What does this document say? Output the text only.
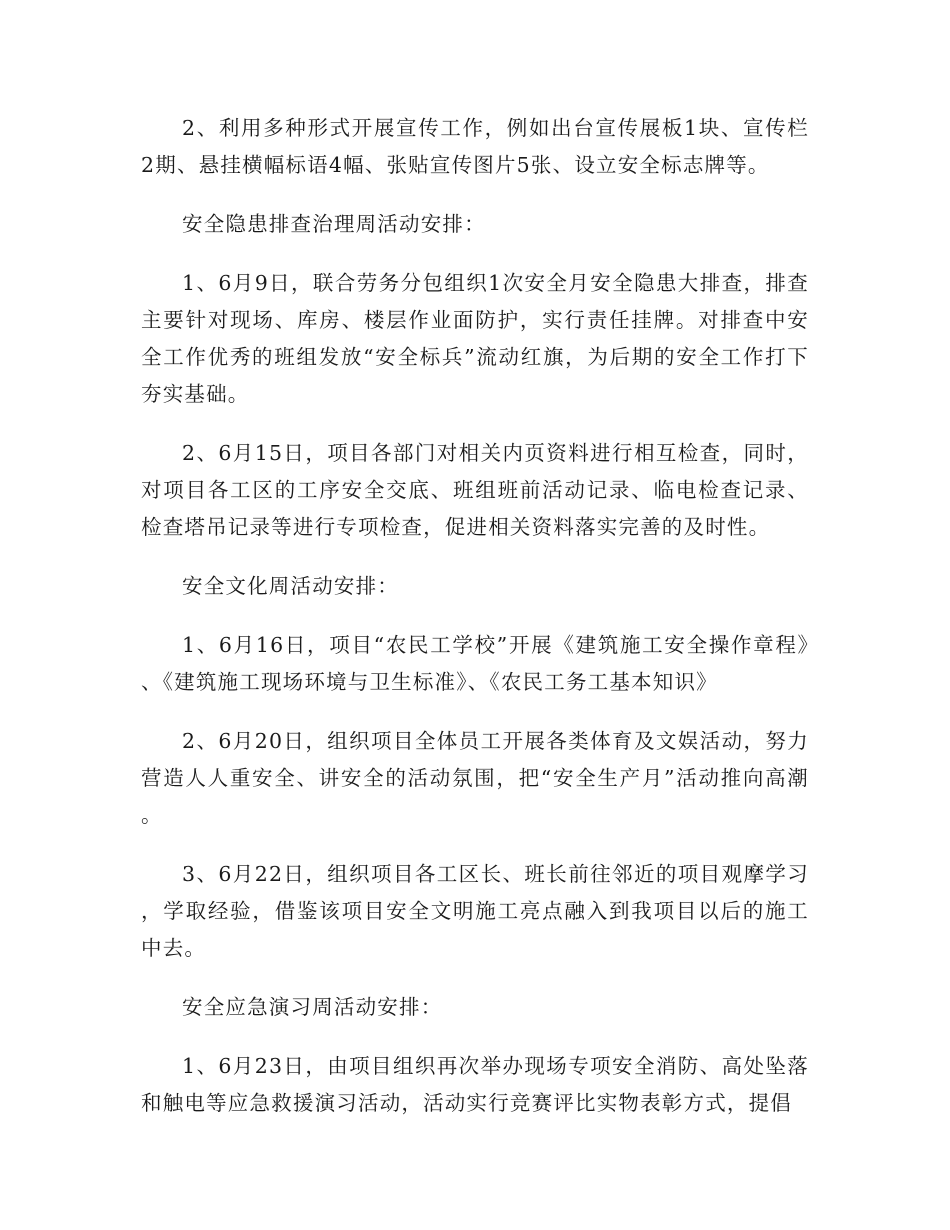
2、利用多种形式开展宣传工作，例如出台宣传展板1块、宣传栏2期、悬挂横幅标语4幅、张贴宣传图片5张、设立安全标志牌等。

安全隐患排查治理周活动安排：

1、6月9日，联合劳务分包组织1次安全月安全隐患大排查，排查主要针对现场、库房、楼层作业面防护，实行责任挂牌。对排查中安全工作优秀的班组发放“安全标兵”流动红旗，为后期的安全工作打下夯实基础。

2、6月15日，项目各部门对相关内页资料进行相互检查，同时，对项目各工区的工序安全交底、班组班前活动记录、临电检查记录、检查塔吊记录等进行专项检查，促进相关资料落实完善的及时性。

安全文化周活动安排：

1、6月16日，项目“农民工学校”开展《建筑施工安全操作章程》、《建筑施工现场环境与卫生标准》、《农民工务工基本知识》

2、6月20日，组织项目全体员工开展各类体育及文娱活动，努力营造人人重安全、讲安全的活动氛围，把“安全生产月”活动推向高潮。

3、6月22日，组织项目各工区长、班长前往邻近的项目观摩学习，学取经验，借鉴该项目安全文明施工亮点融入到我项目以后的施工中去。

安全应急演习周活动安排：

1、6月23日，由项目组织再次举办现场专项安全消防、高处坠落和触电等应急救援演习活动，活动实行竞赛评比实物表彰方式，提倡
